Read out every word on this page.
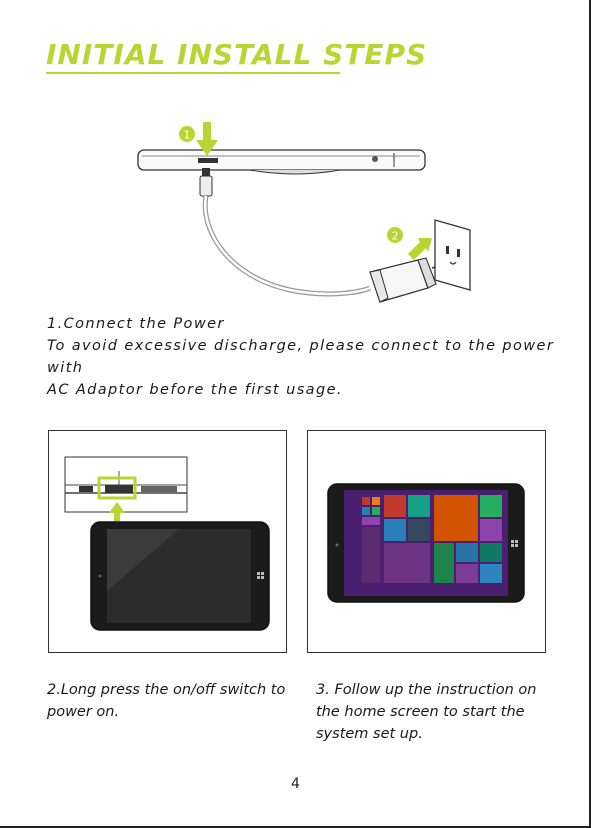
INITIAL INSTALL STEPS
1
2
1.Connect the Power
To avoid excessive discharge, please connect to the power with
AC Adaptor before the first usage.
2.Long press the on/off switch to power on.
3. Follow up the instruction on the home screen to start the system set up.
4
